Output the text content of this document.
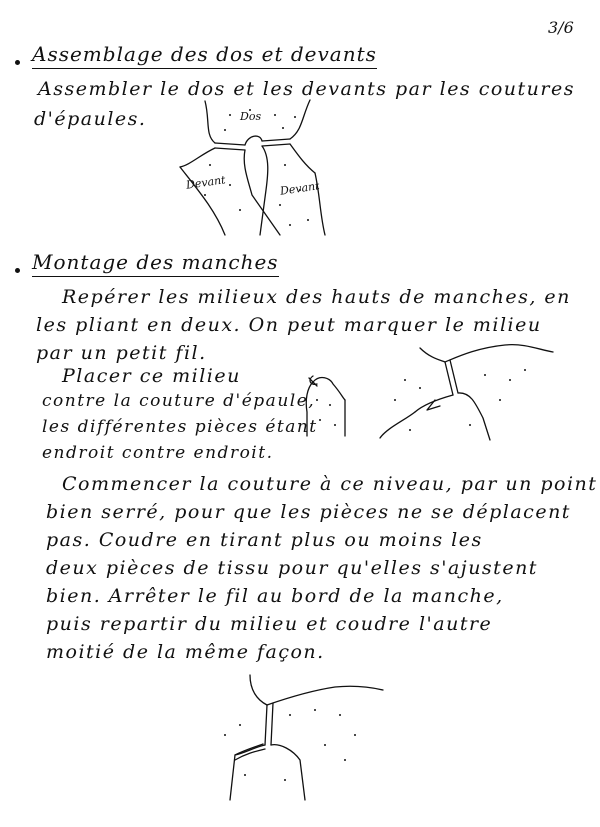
3/6
Assemblage des dos et devants
Assembler le dos et les devants par les coutures
d'épaules.	Dos
Devant	Devant
Montage des manches
Repérer les milieux des hauts de manches, en
les pliant en deux. On peut marquer le milieu
par un petit fil.
Placer ce milieu
contre la couture d'épaule,
les différentes pièces étant
endroit contre endroit.
Commencer la couture à ce niveau, par un point
bien serré, pour que les pièces ne se déplacent
pas. Coudre en tirant plus ou moins les
deux pièces de tissu pour qu'elles s'ajustent
bien. Arrêter le fil au bord de la manche,
puis repartir du milieu et coudre l'autre
moitié de la même façon.
